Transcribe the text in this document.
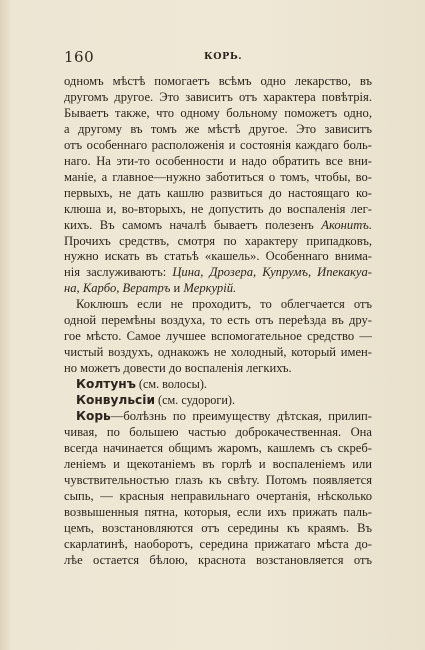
160	КОРЬ.
одномъ мѣстѣ помогаетъ всѣмъ одно лекарство, въ
другомъ другое. Это зависитъ отъ характера повѣтрія.
Бываетъ также, что одному больному поможетъ одно,
а другому въ томъ же мѣстѣ другое. Это зависитъ
отъ особеннаго расположенія и состоянія каждаго боль-
наго. На эти-то особенности и надо обратить все вни-
маніе, а главное—нужно заботиться о томъ, чтобы, во-
первыхъ, не дать кашлю развиться до настоящаго ко-
клюша и, во-вторыхъ, не допустить до воспаленія лег-
кихъ. Въ самомъ началѣ бываетъ полезенъ Аконитъ.
Прочихъ средствъ, смотря по характеру припадковъ,
нужно искать въ статьѣ «кашель». Особеннаго внима-
нія заслуживаютъ: Цина, Дрозера, Купрумъ, Ипекакуа-
на, Карбо, Вератръ и Меркурій.
Коклюшъ если не проходитъ, то облегчается отъ
одной перемѣны воздуха, то есть отъ переѣзда въ дру-
гое мѣсто. Самое лучшее вспомогательное средство —
чистый воздухъ, однакожъ не холодный, который имен-
но можетъ довести до воспаленія легкихъ.
Колтунъ (см. волосы).
Конвульсіи (см. судороги).
Корь—болѣзнь по преимуществу дѣтская, прилип-
чивая, по большею частью доброкачественная. Она
всегда начинается общимъ жаромъ, кашлемъ съ скреб-
леніемъ и щекотаніемъ въ горлѣ и воспаленіемъ или
чувствительностью глазъ къ свѣту. Потомъ появляется
сыпь, — красныя неправильнаго очертанія, нѣсколько
возвышенныя пятна, которыя, если ихъ прижать паль-
цемъ, возстановляются отъ середины къ краямъ. Въ
скарлатинѣ, наоборотъ, середина прижатаго мѣста до-
лѣе остается бѣлою, краснота возстановляется отъ
